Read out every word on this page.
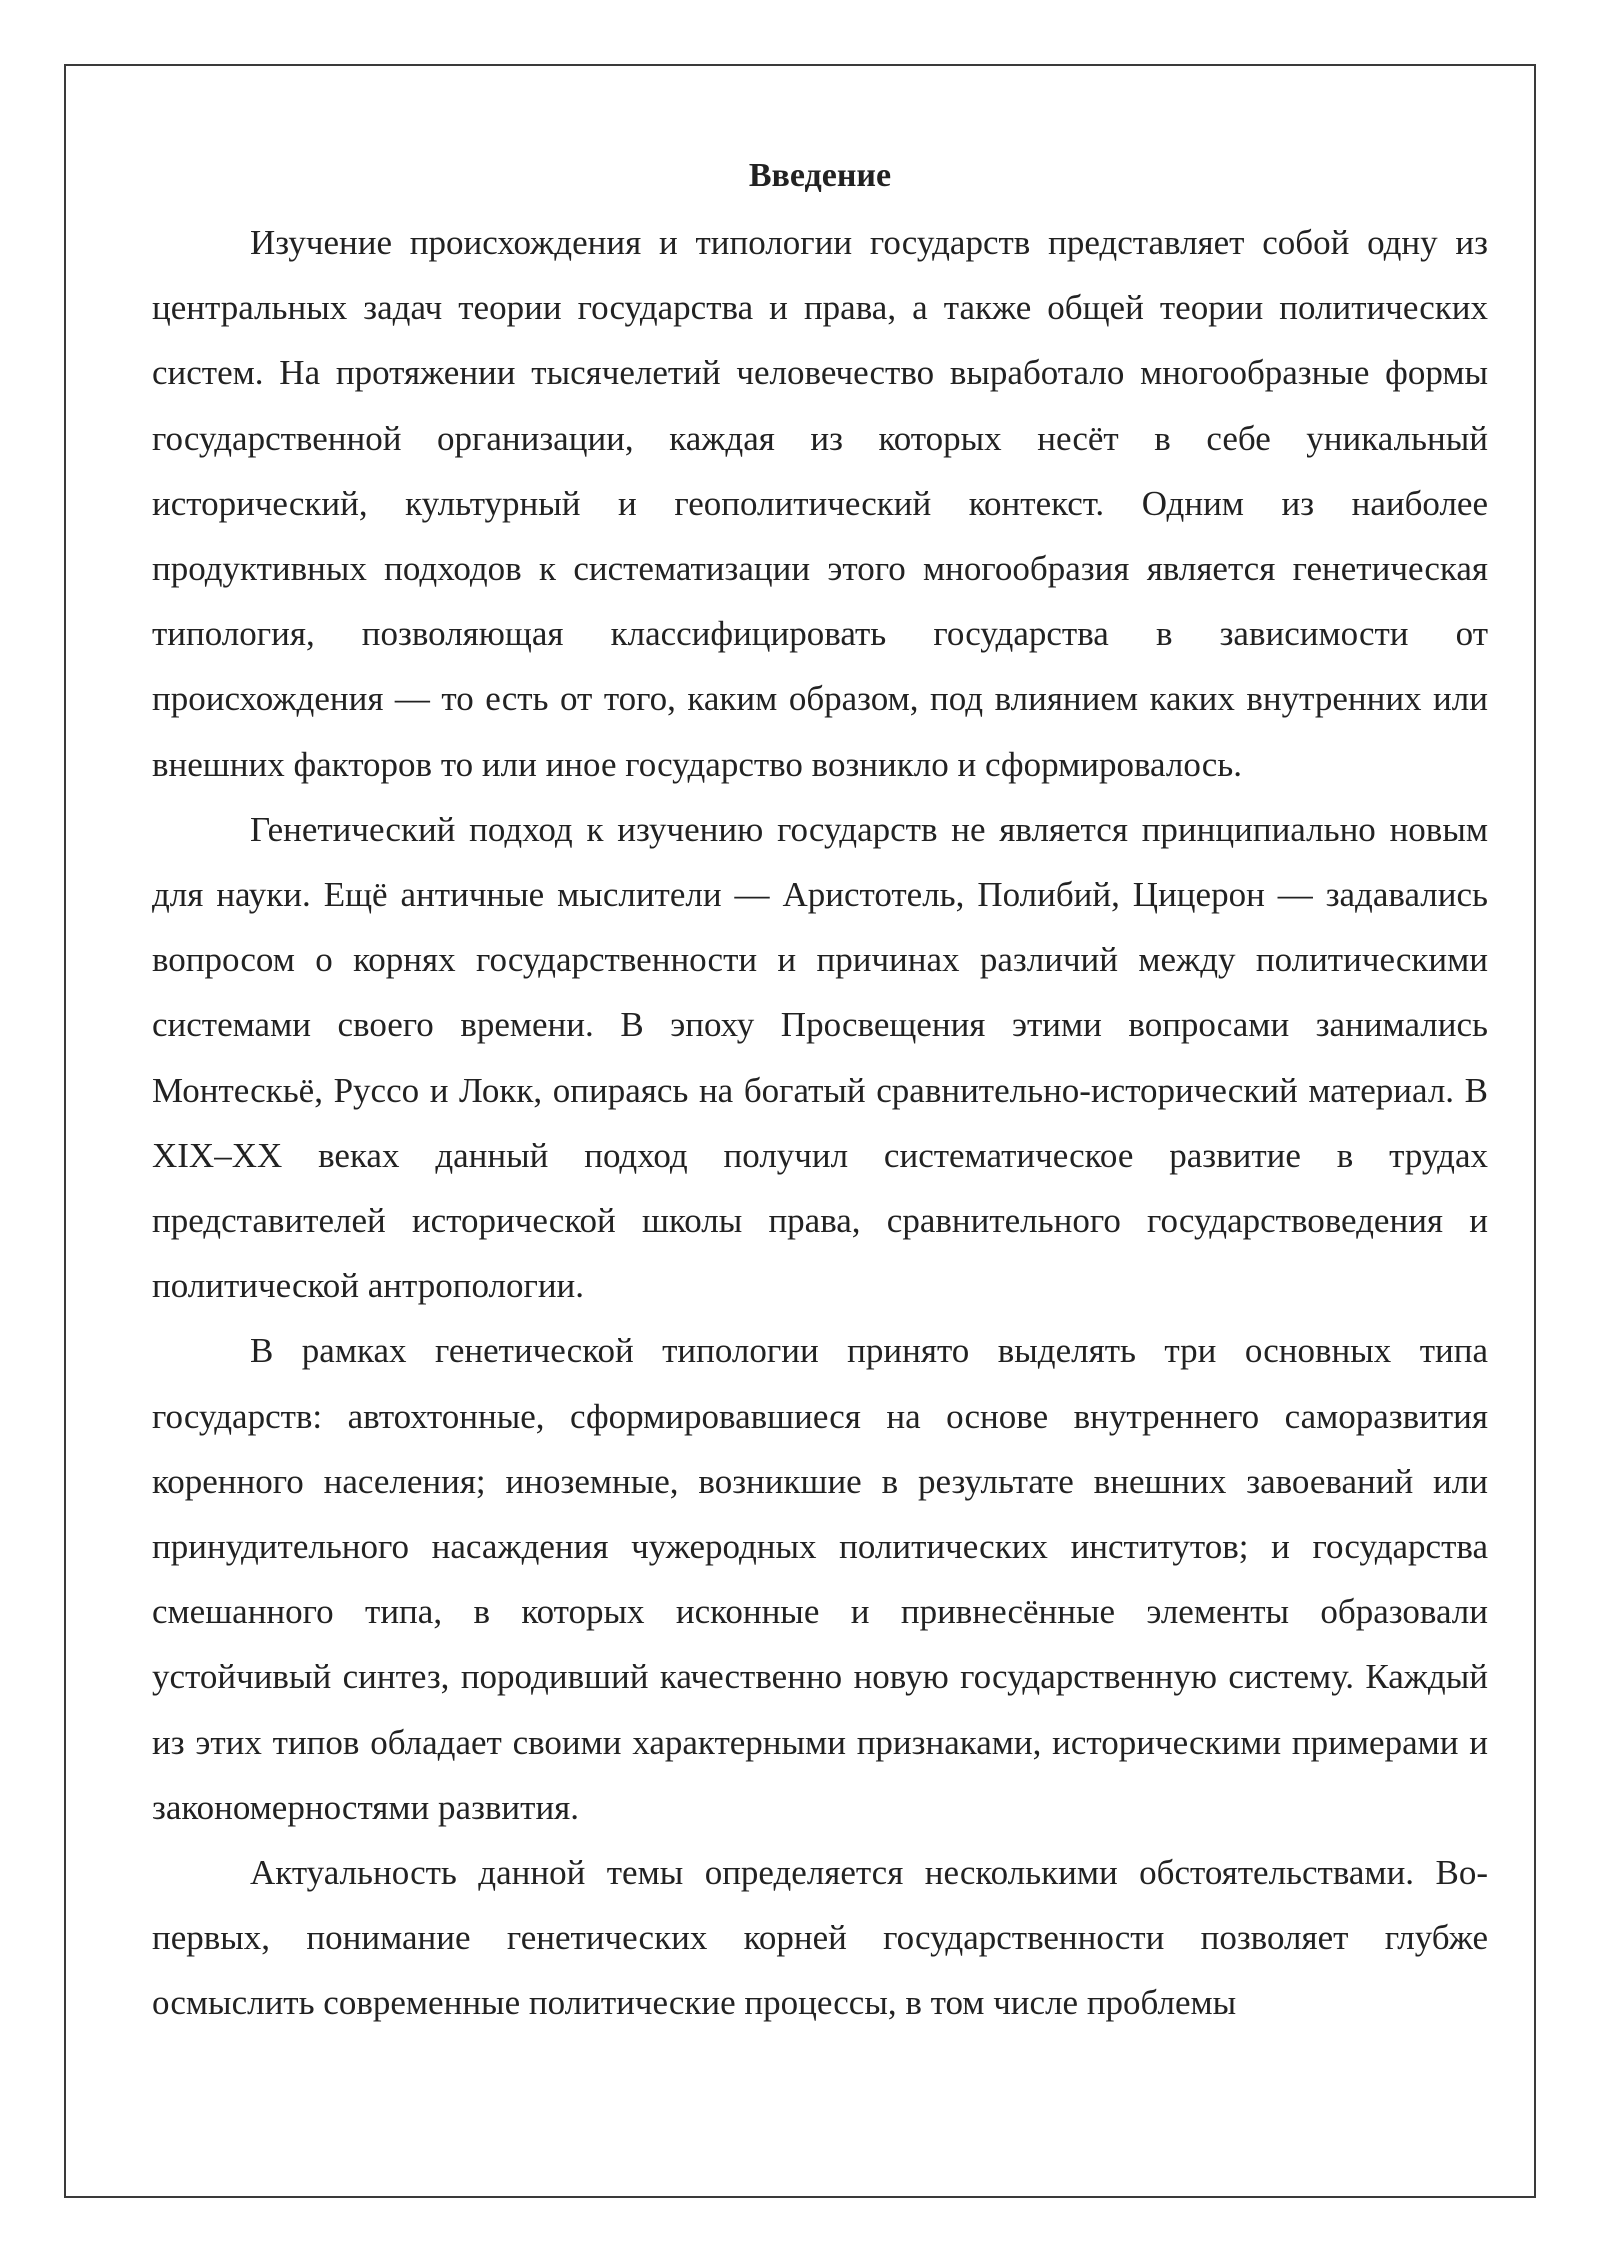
Введение

Изучение происхождения и типологии государств представляет собой одну из центральных задач теории государства и права, а также общей теории политических систем. На протяжении тысячелетий человечество выработало многообразные формы государственной организации, каждая из которых несёт в себе уникальный исторический, культурный и геополитический контекст. Одним из наиболее продуктивных подходов к систематизации этого многообразия является генетическая типология, позволяющая классифицировать государства в зависимости от происхождения — то есть от того, каким образом, под влиянием каких внутренних или внешних факторов то или иное государство возникло и сформировалось.

Генетический подход к изучению государств не является принципиально новым для науки. Ещё античные мыслители — Аристотель, Полибий, Цицерон — задавались вопросом о корнях государственности и причинах различий между политическими системами своего времени. В эпоху Просвещения этими вопросами занимались Монтескьё, Руссо и Локк, опираясь на богатый сравнительно-исторический материал. В XIX–XX веках данный подход получил систематическое развитие в трудах представителей исторической школы права, сравнительного государствоведения и политической антропологии.

В рамках генетической типологии принято выделять три основных типа государств: автохтонные, сформировавшиеся на основе внутреннего саморазвития коренного населения; иноземные, возникшие в результате внешних завоеваний или принудительного насаждения чужеродных политических институтов; и государства смешанного типа, в которых исконные и привнесённые элементы образовали устойчивый синтез, породивший качественно новую государственную систему. Каждый из этих типов обладает своими характерными признаками, историческими примерами и закономерностями развития.

Актуальность данной темы определяется несколькими обстоятельствами. Во-первых, понимание генетических корней государственности позволяет глубже осмыслить современные политические процессы, в том числе проблемы
